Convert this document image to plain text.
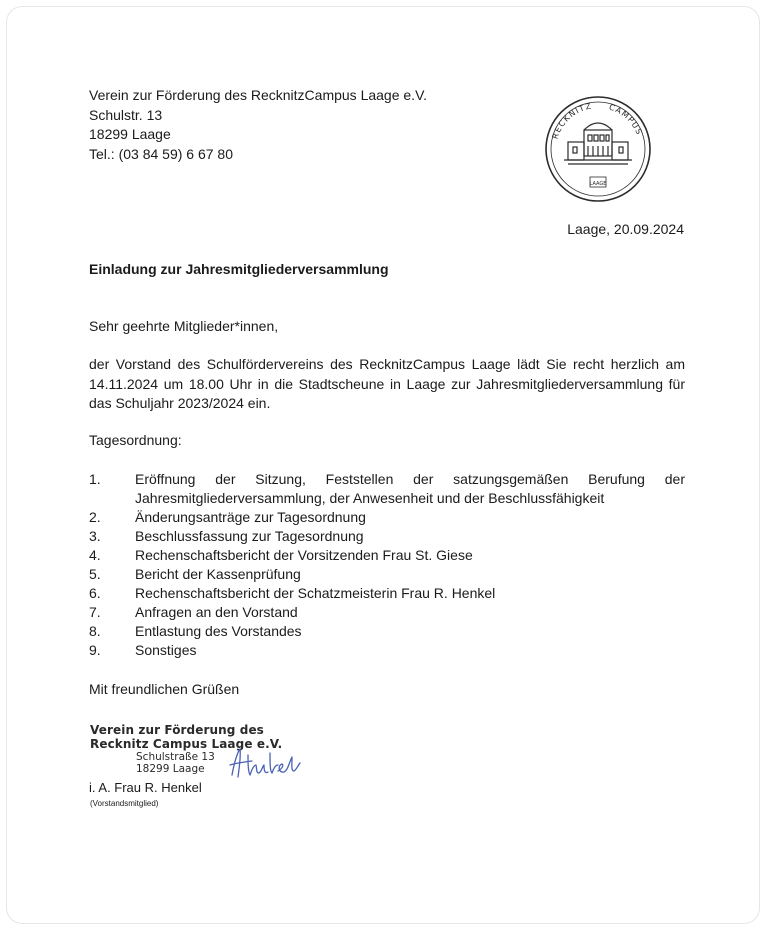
Verein zur Förderung des RecknitzCampus Laage e.V.
Schulstr. 13
18299 Laage
Tel.: (03 84 59) 6 67 80
RECKNITZ CAMPUS
LAAGE
Laage, 20.09.2024
Einladung zur Jahresmitgliederversammlung
Sehr geehrte Mitglieder*innen,
der Vorstand des Schulfördervereins des RecknitzCampus Laage lädt Sie recht herzlich am 14.11.2024 um 18.00 Uhr in die Stadtscheune in Laage zur Jahresmitgliederversammlung für das Schuljahr 2023/2024 ein.
Tagesordnung:
1.	Eröffnung der Sitzung, Feststellen der satzungsgemäßen Berufung der
Jahresmitgliederversammlung, der Anwesenheit und der Beschlussfähigkeit
2.	Änderungsanträge zur Tagesordnung
3.	Beschlussfassung zur Tagesordnung
4.	Rechenschaftsbericht der Vorsitzenden Frau St. Giese
5.	Bericht der Kassenprüfung
6.	Rechenschaftsbericht der Schatzmeisterin Frau R. Henkel
7.	Anfragen an den Vorstand
8.	Entlastung des Vorstandes
9.	Sonstiges
Mit freundlichen Grüßen
Verein zur Förderung des
Recknitz Campus Laage e.V.
Schulstraße 13
18299 Laage
i. A. Frau R. Henkel
(Vorstandsmitglied)
